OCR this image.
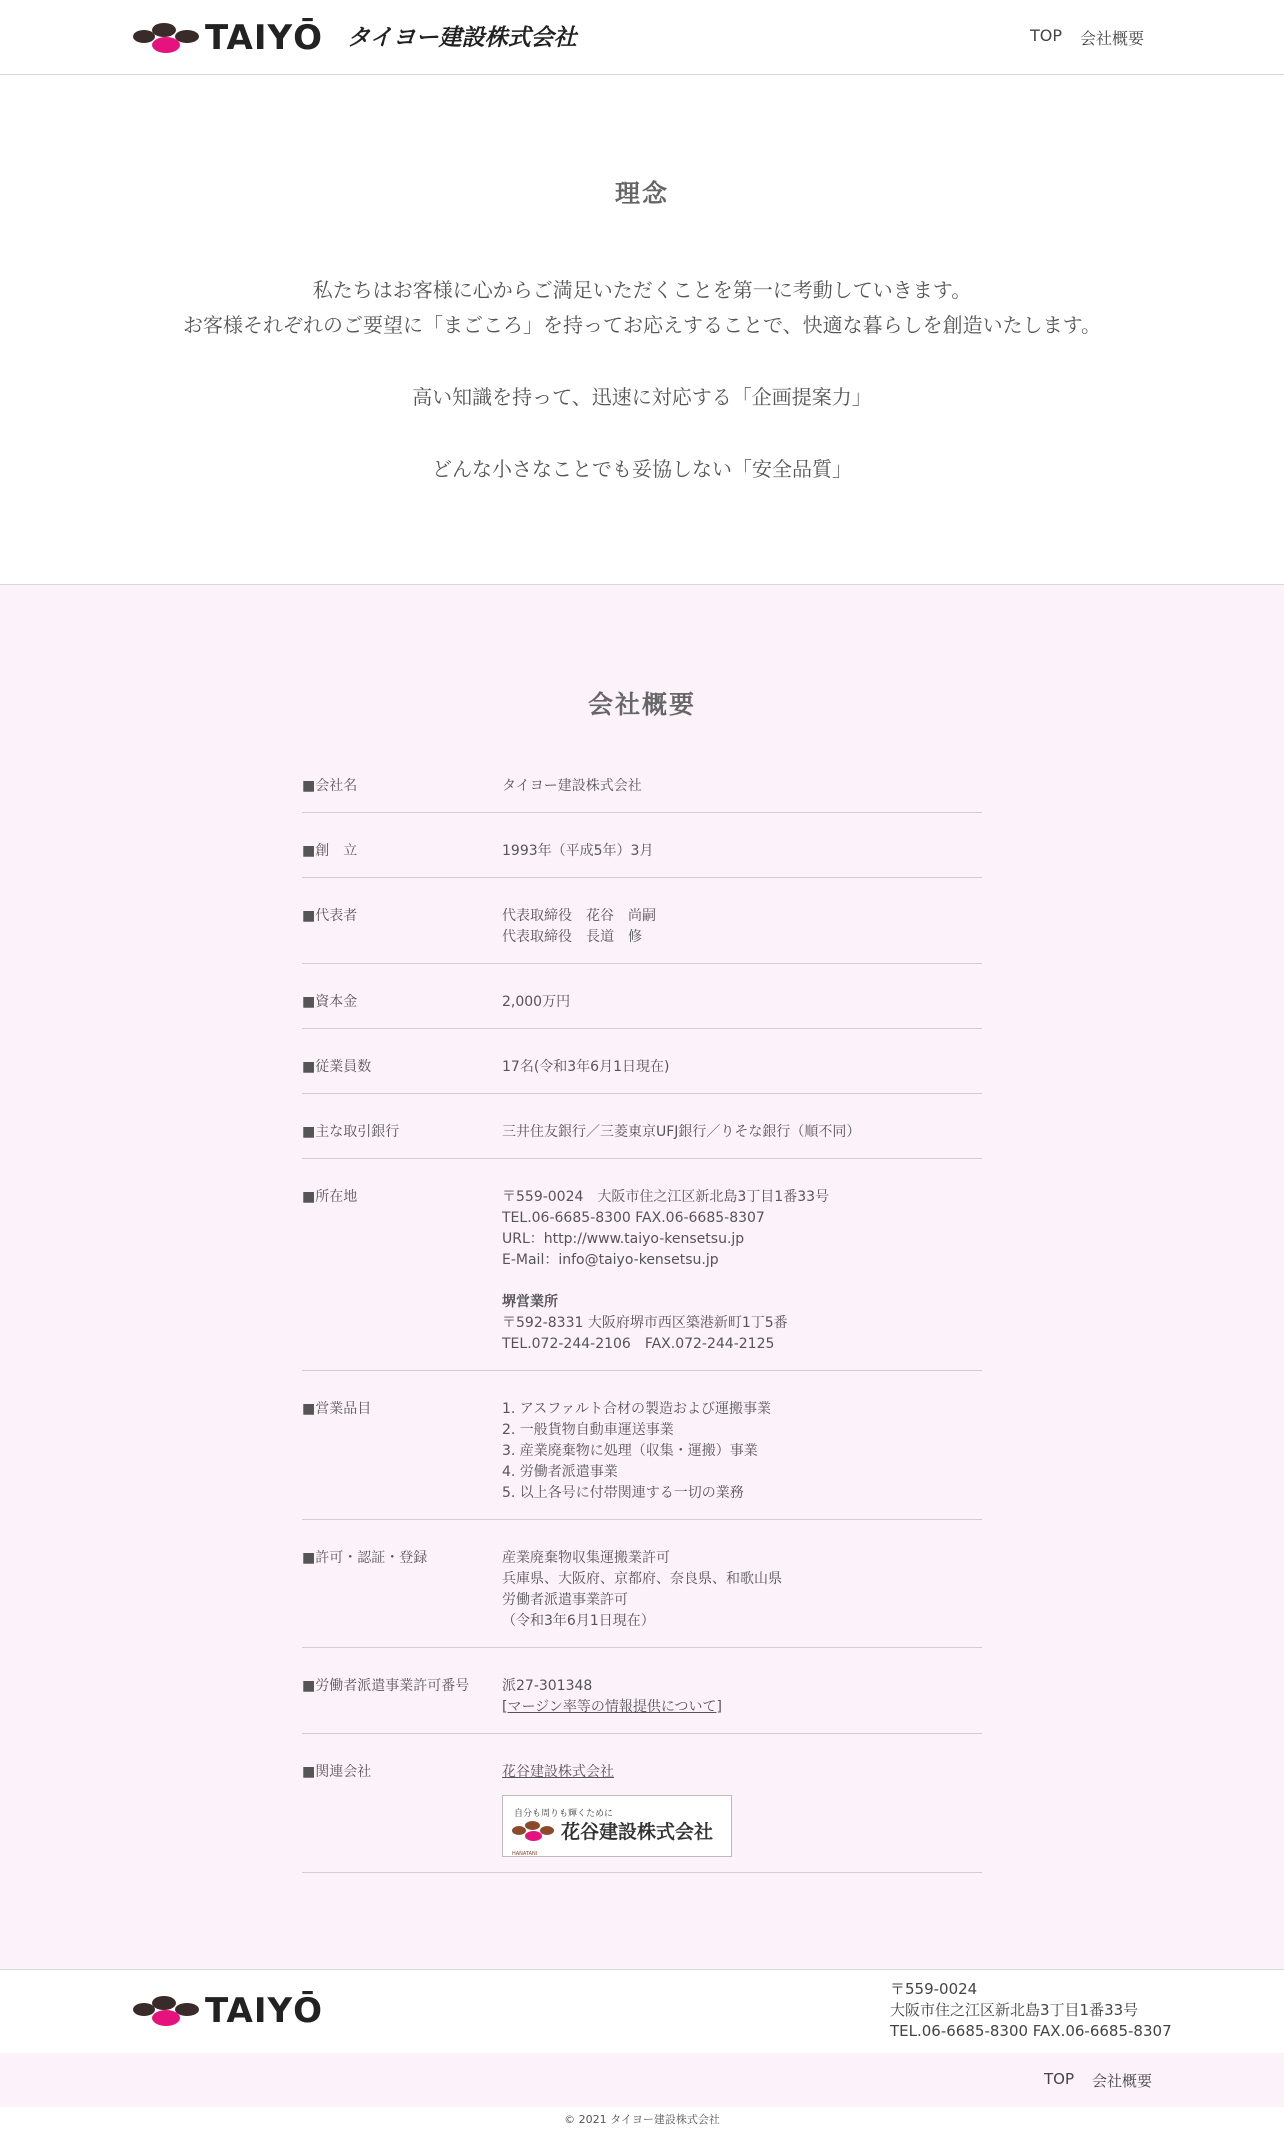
TAIYŌ タイヨー建設株式会社	TOP 会社概要
理念

私たちはお客様に心からご満足いただくことを第一に考動していきます。

お客様それぞれのご要望に「まごころ」を持ってお応えすることで、快適な暮らしを創造いたします。

高い知識を持って、迅速に対応する「企画提案力」

どんな小さなことでも妥協しない「安全品質」

会社概要
■会社名	タイヨー建設株式会社
■創　立	1993年（平成5年）3月
■代表者	代表取締役　花谷　尚嗣
代表取締役　長道　修
■資本金	2,000万円
■従業員数	17名(令和3年6月1日現在)
■主な取引銀行	三井住友銀行／三菱東京UFJ銀行／りそな銀行（順不同）
■所在地	〒559-0024　大阪市住之江区新北島3丁目1番33号
TEL.06-6685-8300 FAX.06-6685-8307
URL：http://www.taiyo-kensetsu.jp
E-Mail：info@taiyo-kensetsu.jp

堺営業所
〒592-8331 大阪府堺市西区築港新町1丁5番
TEL.072-244-2106　FAX.072-244-2125
■営業品目	1. アスファルト合材の製造および運搬事業
2. 一般貨物自動車運送事業
3. 産業廃棄物に処理（収集・運搬）事業
4. 労働者派遣事業
5. 以上各号に付帯関連する一切の業務
■許可・認証・登録	産業廃棄物収集運搬業許可
兵庫県、大阪府、京都府、奈良県、和歌山県
労働者派遣事業許可
（令和3年6月1日現在）
■労働者派遣事業許可番号 派27-301348
[マージン率等の情報提供について]
■関連会社	花谷建設株式会社
自分も周りも輝くために
HANATANI
花谷建設株式会社
TAIYŌ
〒559-0024
大阪市住之江区新北島3丁目1番33号
TEL.06-6685-8300 FAX.06-6685-8307
TOP 会社概要
© 2021 タイヨー建設株式会社
